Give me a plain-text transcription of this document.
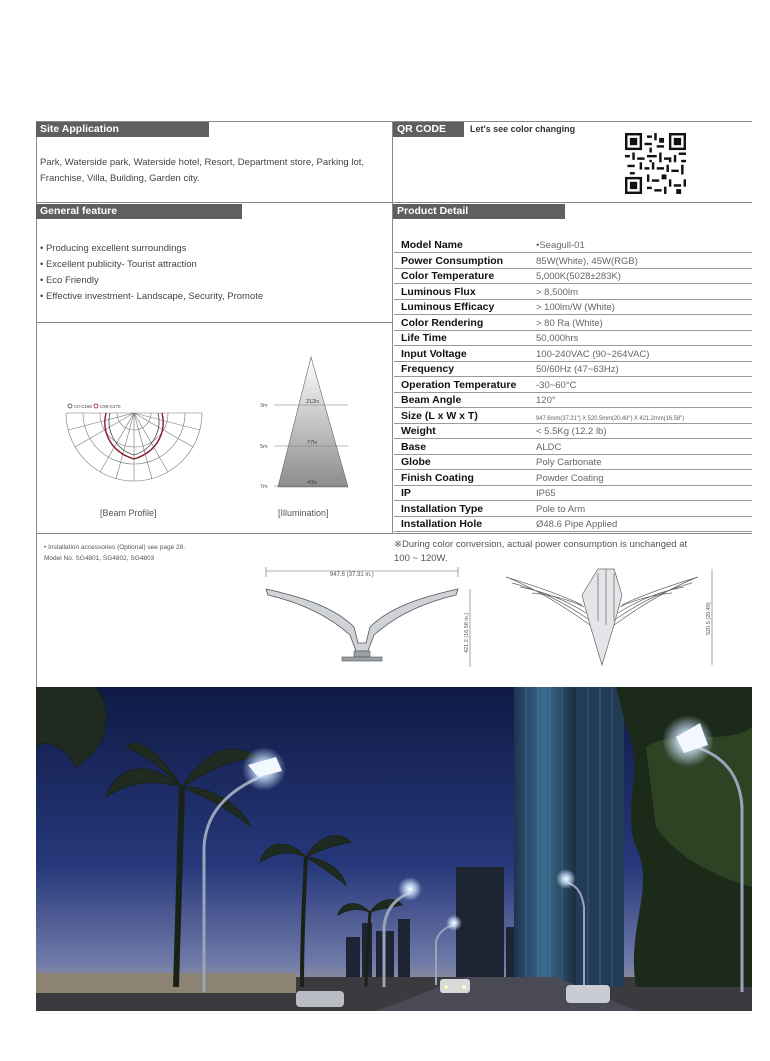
Site Application

Park, Waterside park, Waterside hotel, Resort, Department store, Parking lot, Franchise, Villa, Building, Garden city.

QR CODE	Let's see color changing
General feature
• Producing excellent surroundings
• Excellent publicity- Tourist attraction
• Eco Friendly
• Effective investment- Landscape, Security, Promote
Product Detail
Model Name	•Seagull-01
Power Consumption	85W(White), 45W(RGB)
Color Temperature	5,000K(5028±283K)
Luminous Flux	> 8,500lm
Luminous Efficacy	> 100lm/W (White)
Color Rendering	> 80 Ra (White)
Life Time	50,000hrs
Input Voltage	100-240VAC (90~264VAC)
Frequency	50/60Hz (47~63Hz)
Operation Temperature	-30~60°C
Beam Angle	120°
Size (L x W x T)	947.6mm(37.31") X 520.5mm(20.49") X 421.2mm(16.58")
Weight	< 5.5Kg (12.2 lb)
Base	ALDC
Globe	Poly Carbonate
Finish Coating	Powder Coating
IP	IP65
Installation Type	Pole to Arm
Installation Hole	Ø48.6 Pipe Applied
C0-C180 C90-C270
[Beam Profile]
3m
5m
7m
212lx
77lx
40lx
[Illumination]
• Installation accessories (Optional) see page 28.
Model No. SG4801, SG4802, SG4803
※During color conversion, actual power consumption is unchanged at 100 ~ 120W.
947.6 (37.31 in.)
421.2 (16.58 in.)	520.5 (20.49)
